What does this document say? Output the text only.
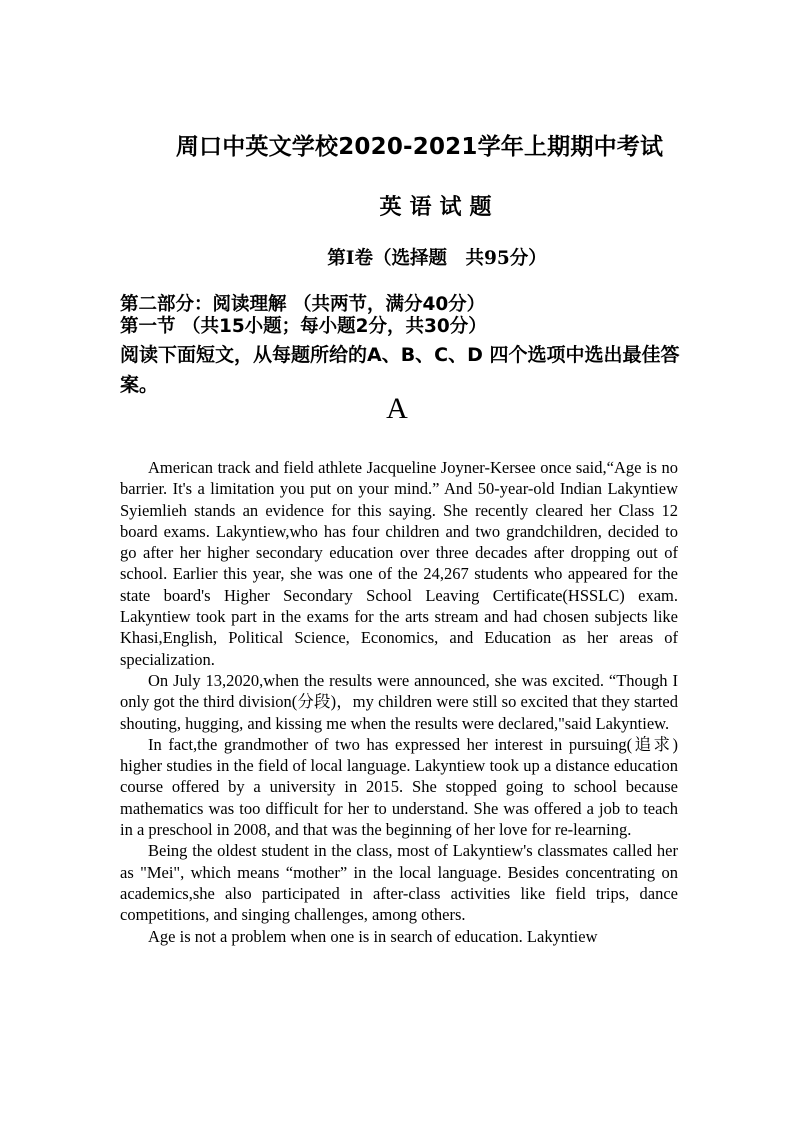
周口中英文学校2020-2021学年上期期中考试
英语试题
第Ⅰ卷（选择题　共95分）
第二部分：阅读理解 （共两节，满分40分）
第一节 （共15小题；每小题2分，共30分）
阅读下面短文，从每题所给的A、B、C、D 四个选项中选出最佳答案。
A

American track and field athlete Jacqueline Joyner-Kersee once said,“Age is no barrier. It's a limitation you put on your mind.” And 50-year-old Indian Lakyntiew Syiemlieh stands an evidence for this saying. She recently cleared her Class 12 board exams. Lakyntiew,who has four children and two grandchildren, decided to go after her higher secondary education over three decades after dropping out of school. Earlier this year, she was one of the 24,267 students who appeared for the state board's Higher Secondary School Leaving Certificate(HSSLC) exam. Lakyntiew took part in the exams for the arts stream and had chosen subjects like Khasi,English, Political Science, Economics, and Education as her areas of specialization.

On July 13,2020,when the results were announced, she was excited. “Though I only got the third division(分段)，my children were still so excited that they started shouting, hugging, and kissing me when the results were declared,"said Lakyntiew.

In fact,the grandmother of two has expressed her interest in pursuing(追求) higher studies in the field of local language. Lakyntiew took up a distance education course offered by a university in 2015. She stopped going to school because mathematics was too difficult for her to understand. She was offered a job to teach in a preschool in 2008, and that was the beginning of her love for re-learning.

Being the oldest student in the class, most of Lakyntiew's classmates called her as "Mei", which means “mother” in the local language. Besides concentrating on academics,she also participated in after-class activities like field trips, dance competitions, and singing challenges, among others.

Age is not a problem when one is in search of education. Lakyntiew
